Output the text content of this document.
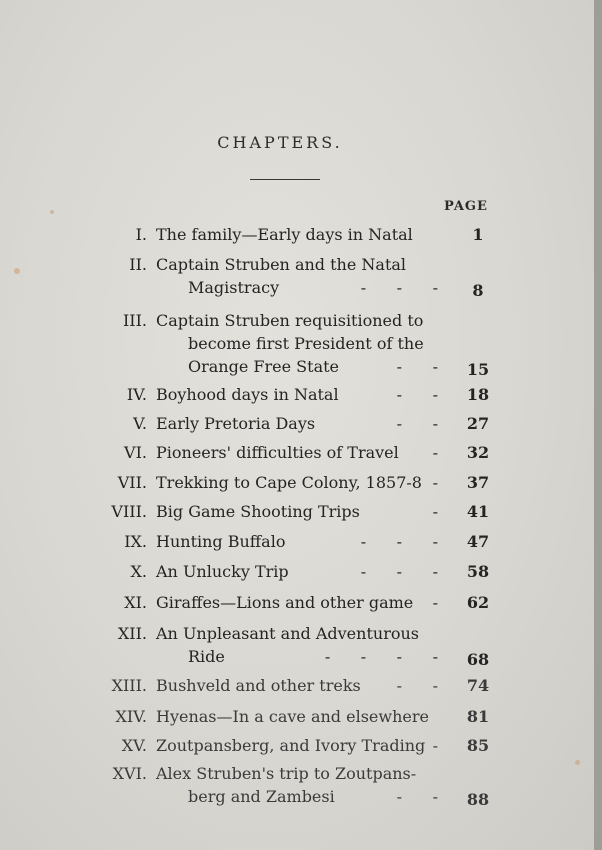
CHAPTERS.
PAGE
I. The family—Early days in Natal	1
II. Captain Struben and the Natal
Magistracy	-      -      -	8
III. Captain Struben requisitioned to
become first President of the
Orange Free State	-      - 15
IV. Boyhood days in Natal	-      - 18
V. Early Pretoria Days	-      - 27
VI. Pioneers' difficulties of Travel - 32
VII. Trekking to Cape Colony, 1857-8 - 37
VIII. Big Game Shooting Trips	- 41
IX. Hunting Buffalo	-      -      - 47
X. An Unlucky Trip	-      -      - 58
XI. Giraffes—Lions and other game - 62
XII. An Unpleasant and Adventurous
Ride	-      -      -      - 68
XIII. Bushveld and other treks -      - 74
XIV. Hyenas—In a cave and elsewhere	81
XV. Zoutpansberg, and Ivory Trading - 85
XVI. Alex Struben's trip to Zoutpans-
berg and Zambesi	-      - 88
